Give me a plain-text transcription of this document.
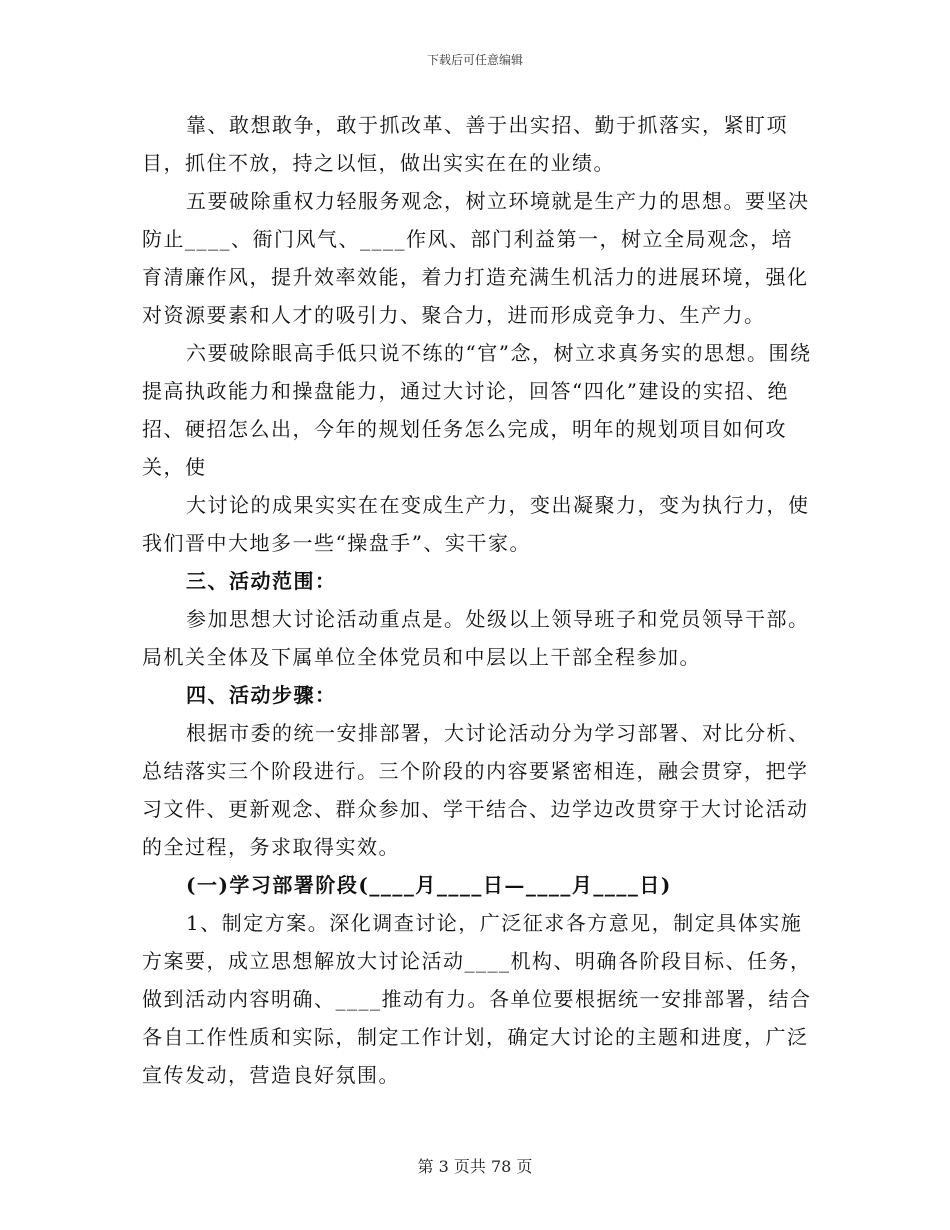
下载后可任意编辑

靠、敢想敢争，敢于抓改革、善于出实招、勤于抓落实，紧盯项目，抓住不放，持之以恒，做出实实在在的业绩。

五要破除重权力轻服务观念，树立环境就是生产力的思想。要坚决防止____、衙门风气、____作风、部门利益第一，树立全局观念，培育清廉作风，提升效率效能，着力打造充满生机活力的进展环境，强化对资源要素和人才的吸引力、聚合力，进而形成竞争力、生产力。

六要破除眼高手低只说不练的“官”念，树立求真务实的思想。围绕提高执政能力和操盘能力，通过大讨论，回答“四化”建设的实招、绝招、硬招怎么出，今年的规划任务怎么完成，明年的规划项目如何攻关，使

大讨论的成果实实在在变成生产力，变出凝聚力，变为执行力，使我们晋中大地多一些“操盘手”、实干家。

三、活动范围：

参加思想大讨论活动重点是。处级以上领导班子和党员领导干部。局机关全体及下属单位全体党员和中层以上干部全程参加。

四、活动步骤：

根据市委的统一安排部署，大讨论活动分为学习部署、对比分析、总结落实三个阶段进行。三个阶段的内容要紧密相连，融会贯穿，把学习文件、更新观念、群众参加、学干结合、边学边改贯穿于大讨论活动的全过程，务求取得实效。

(一)学习部署阶段(____月____日—____月____日)

1、制定方案。深化调查讨论，广泛征求各方意见，制定具体实施方案要，成立思想解放大讨论活动____机构、明确各阶段目标、任务，做到活动内容明确、____推动有力。各单位要根据统一安排部署，结合各自工作性质和实际，制定工作计划，确定大讨论的主题和进度，广泛宣传发动，营造良好氛围。

第 3 页共 78 页
